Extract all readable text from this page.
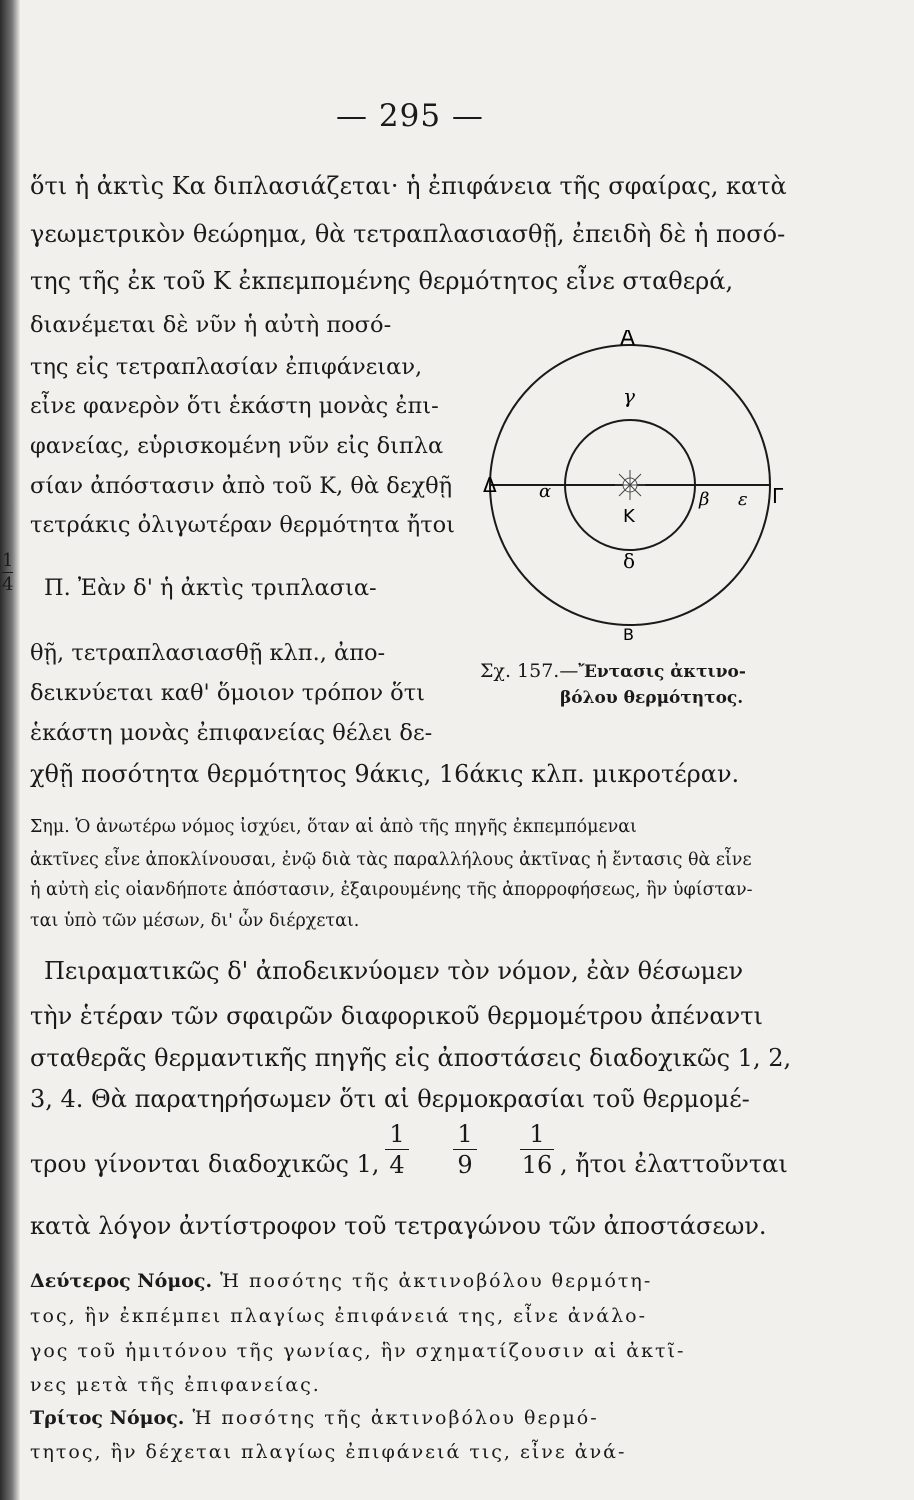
— 295 —
ὅτι ἡ ἀκτὶς Κα διπλασιάζεται· ἡ ἐπιφάνεια τῆς σφαίρας, κατὰ
γεωμετρικὸν θεώρημα, θὰ τετραπλασιασθῇ, ἐπειδὴ δὲ ἡ ποσό-
της τῆς ἐκ τοῦ Κ ἐκπεμπομένης θερμότητος εἶνε σταθερά,
διανέμεται δὲ νῦν ἡ αὐτὴ ποσό-
της εἰς τετραπλασίαν ἐπιφάνειαν,
εἶνε φανερὸν ὅτι ἑκάστη μονὰς ἐπι-
φανείας, εὑρισκομένη νῦν εἰς διπλα
σίαν ἀπόστασιν ἀπὸ τοῦ Κ, θὰ δεχθῇ
τετράκις ὀλιγωτέραν θερμότητα ἤτοι
1
4 Π. Ἐὰν δ' ἡ ἀκτὶς τριπλασια-
θῇ, τετραπλασιασθῇ κλπ., ἀπο-
δεικνύεται καθ' ὅμοιον τρόπον ὅτι
ἑκάστη μονὰς ἐπιφανείας θέλει δε-
χθῇ ποσότητα θερμότητος 9άκις, 16άκις κλπ. μικροτέραν.
Α
γ
Δ α
Κ
β ε Γ
δ
Β
Σχ. 157.—Ἔντασις ἀκτινο-
βόλου θερμότητος.
Σημ. Ὁ ἀνωτέρω νόμος ἰσχύει, ὅταν αἱ ἀπὸ τῆς πηγῆς ἐκπεμπόμεναι
ἀκτῖνες εἶνε ἀποκλίνουσαι, ἐνῷ διὰ τὰς παραλλήλους ἀκτῖνας ἡ ἔντασις θὰ εἶνε
ἡ αὐτὴ εἰς οἱανδήποτε ἀπόστασιν, ἐξαιρουμένης τῆς ἀπορροφήσεως, ἣν ὑφίσταν-
ται ὑπὸ τῶν μέσων, δι' ὧν διέρχεται.
Πειραματικῶς δ' ἀποδεικνύομεν τὸν νόμον, ἐὰν θέσωμεν
τὴν ἑτέραν τῶν σφαιρῶν διαφορικοῦ θερμομέτρου ἀπέναντι
σταθερᾶς θερμαντικῆς πηγῆς εἰς ἀποστάσεις διαδοχικῶς 1, 2,
3, 4. Θὰ παρατηρήσωμεν ὅτι αἱ θερμοκρασίαι τοῦ θερμομέ-
τρου γίνονται διαδοχικῶς 1,
1
4
1
9
1
16 , ἤτοι ἐλαττοῦνται
κατὰ λόγον ἀντίστροφον τοῦ τετραγώνου τῶν ἀποστάσεων.
Δεύτερος Νόμος. Ἡ ποσότης τῆς ἀκτινοβόλου θερμότη-
τος, ἣν ἐκπέμπει πλαγίως ἐπιφάνειά της, εἶνε ἀνάλο-
γος τοῦ ἡμιτόνου τῆς γωνίας, ἣν σχηματίζουσιν αἱ ἀκτῖ-
νες μετὰ τῆς ἐπιφανείας.
Τρίτος Νόμος. Ἡ ποσότης τῆς ἀκτινοβόλου θερμό-
τητος, ἣν δέχεται πλαγίως ἐπιφάνειά τις, εἶνε ἀνά-
